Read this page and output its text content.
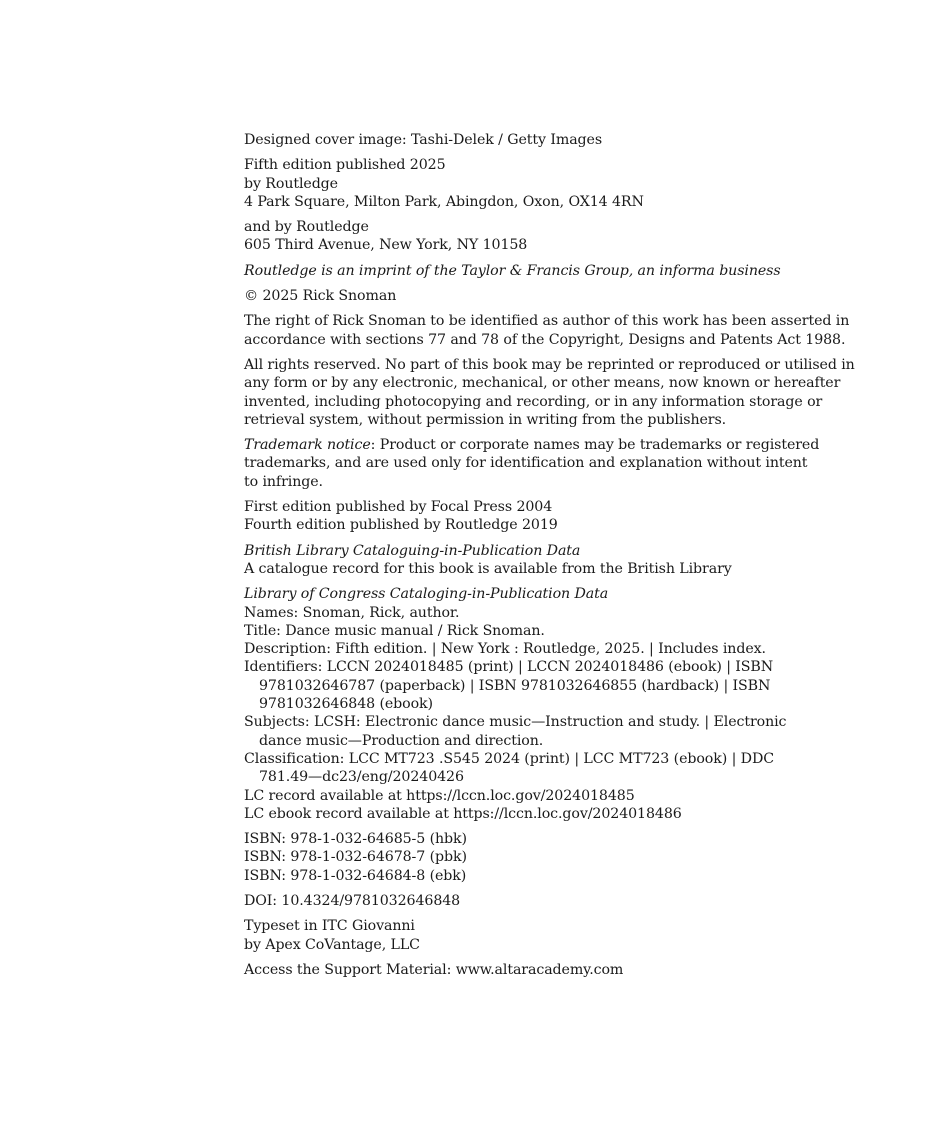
Designed cover image: Tashi-Delek / Getty Images
Fifth edition published 2025
by Routledge
4 Park Square, Milton Park, Abingdon, Oxon, OX14 4RN
and by Routledge
605 Third Avenue, New York, NY 10158
Routledge is an imprint of the Taylor & Francis Group, an informa business
© 2025 Rick Snoman
The right of Rick Snoman to be identified as author of this work has been asserted in
accordance with sections 77 and 78 of the Copyright, Designs and Patents Act 1988.
All rights reserved. No part of this book may be reprinted or reproduced or utilised in
any form or by any electronic, mechanical, or other means, now known or hereafter
invented, including photocopying and recording, or in any information storage or
retrieval system, without permission in writing from the publishers.
Trademark notice: Product or corporate names may be trademarks or registered
trademarks, and are used only for identification and explanation without intent
to infringe.
First edition published by Focal Press 2004
Fourth edition published by Routledge 2019
British Library Cataloguing-in-Publication Data
A catalogue record for this book is available from the British Library
Library of Congress Cataloging-in-Publication Data
Names: Snoman, Rick, author.
Title: Dance music manual / Rick Snoman.
Description: Fifth edition. | New York : Routledge, 2025. | Includes index.
Identifiers: LCCN 2024018485 (print) | LCCN 2024018486 (ebook) | ISBN 9781032646787 (paperback) | ISBN 9781032646855 (hardback) | ISBN 9781032646848 (ebook)
Subjects: LCSH: Electronic dance music—Instruction and study. | Electronic dance music—Production and direction.
Classification: LCC MT723 .S545 2024 (print) | LCC MT723 (ebook) | DDC 781.49—dc23/eng/20240426
LC record available at https://lccn.loc.gov/2024018485
LC ebook record available at https://lccn.loc.gov/2024018486
ISBN: 978-1-032-64685-5 (hbk)
ISBN: 978-1-032-64678-7 (pbk)
ISBN: 978-1-032-64684-8 (ebk)
DOI: 10.4324/9781032646848
Typeset in ITC Giovanni
by Apex CoVantage, LLC
Access the Support Material: www.altaracademy.com
